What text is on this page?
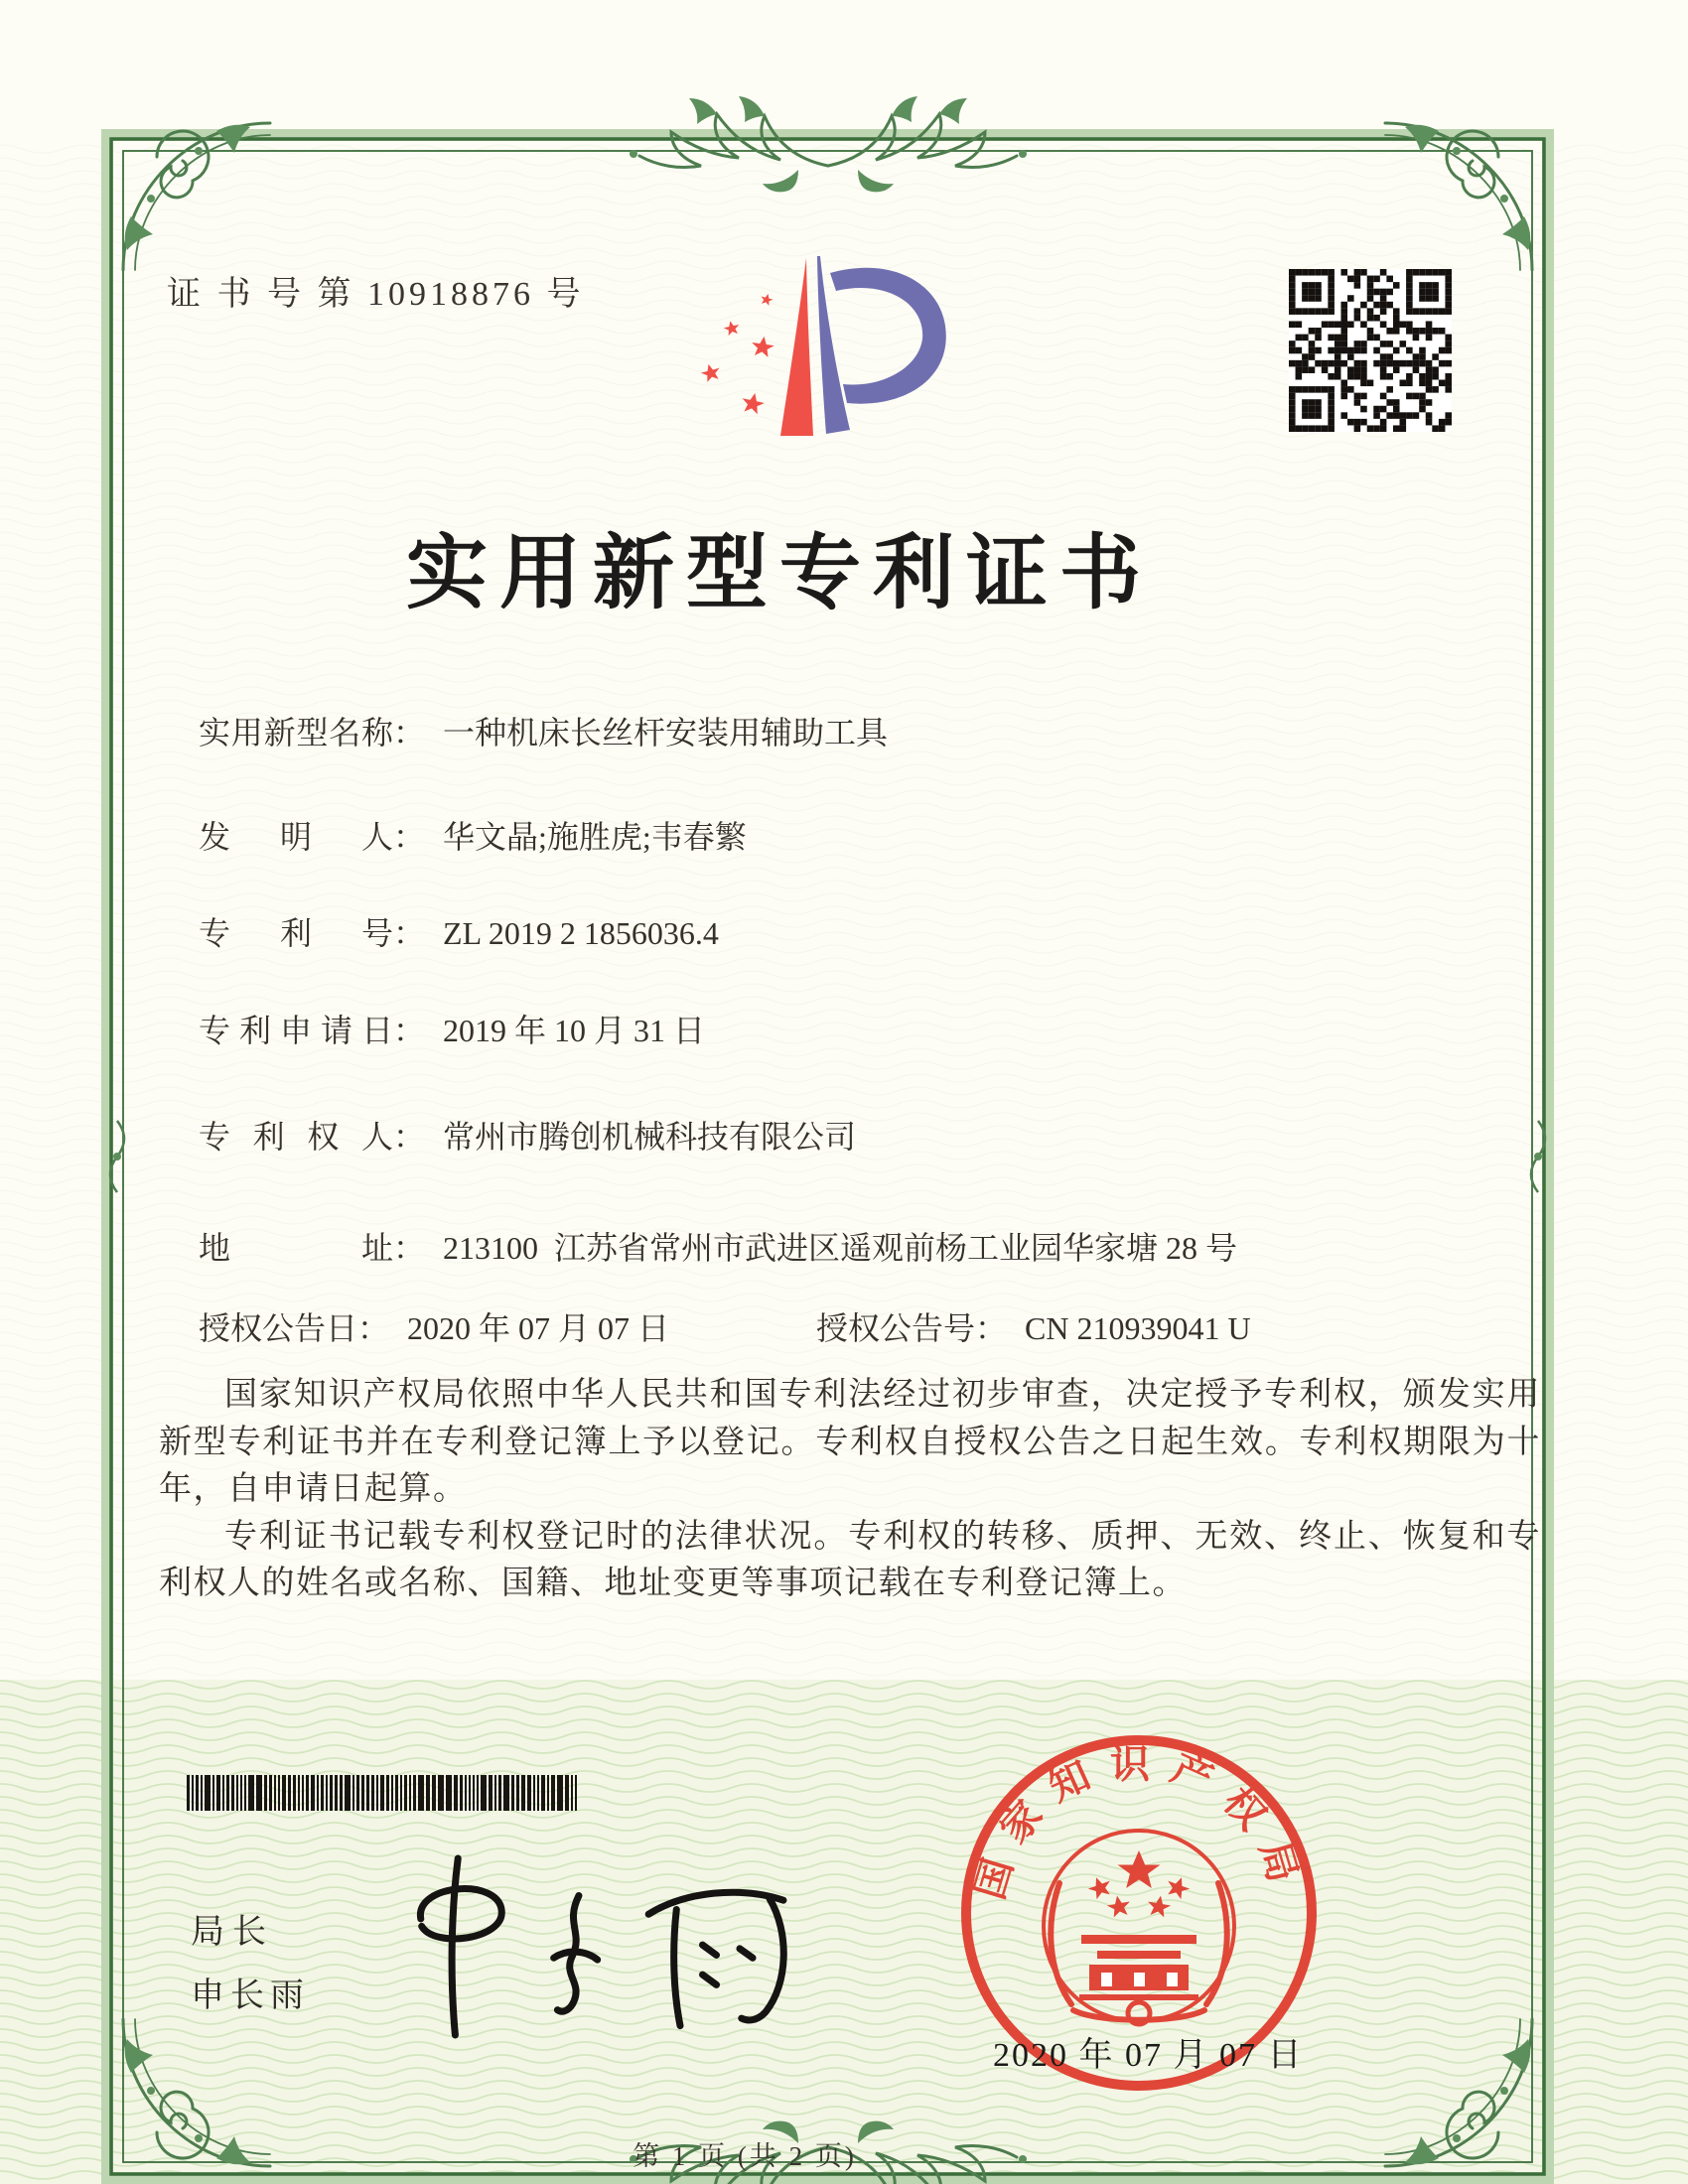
证 书 号 第 10918876 号
实用新型专利证书
实用新型名称： 一种机床长丝杆安装用辅助工具
发明人： 华文晶;施胜虎;韦春繁
专利号： ZL 2019 2 1856036.4
专利申请日： 2019 年 10 月 31 日
专利权人： 常州市腾创机械科技有限公司
地址： 213100  江苏省常州市武进区遥观前杨工业园华家塘 28 号
授权公告日： 2020 年 07 月 07 日	授权公告号： CN 210939041 U

国家知识产权局依照中华人民共和国专利法经过初步审查，决定授予专利权，颁发实用新型专利证书并在专利登记簿上予以登记。专利权自授权公告之日起生效。专利权期限为十年，自申请日起算。

专利证书记载专利权登记时的法律状况。专利权的转移、质押、无效、终止、恢复和专利权人的姓名或名称、国籍、地址变更等事项记载在专利登记簿上。

局长
申长雨
国家知识产权局
2020 年 07 月 07 日
第 1 页 (共 2 页)
